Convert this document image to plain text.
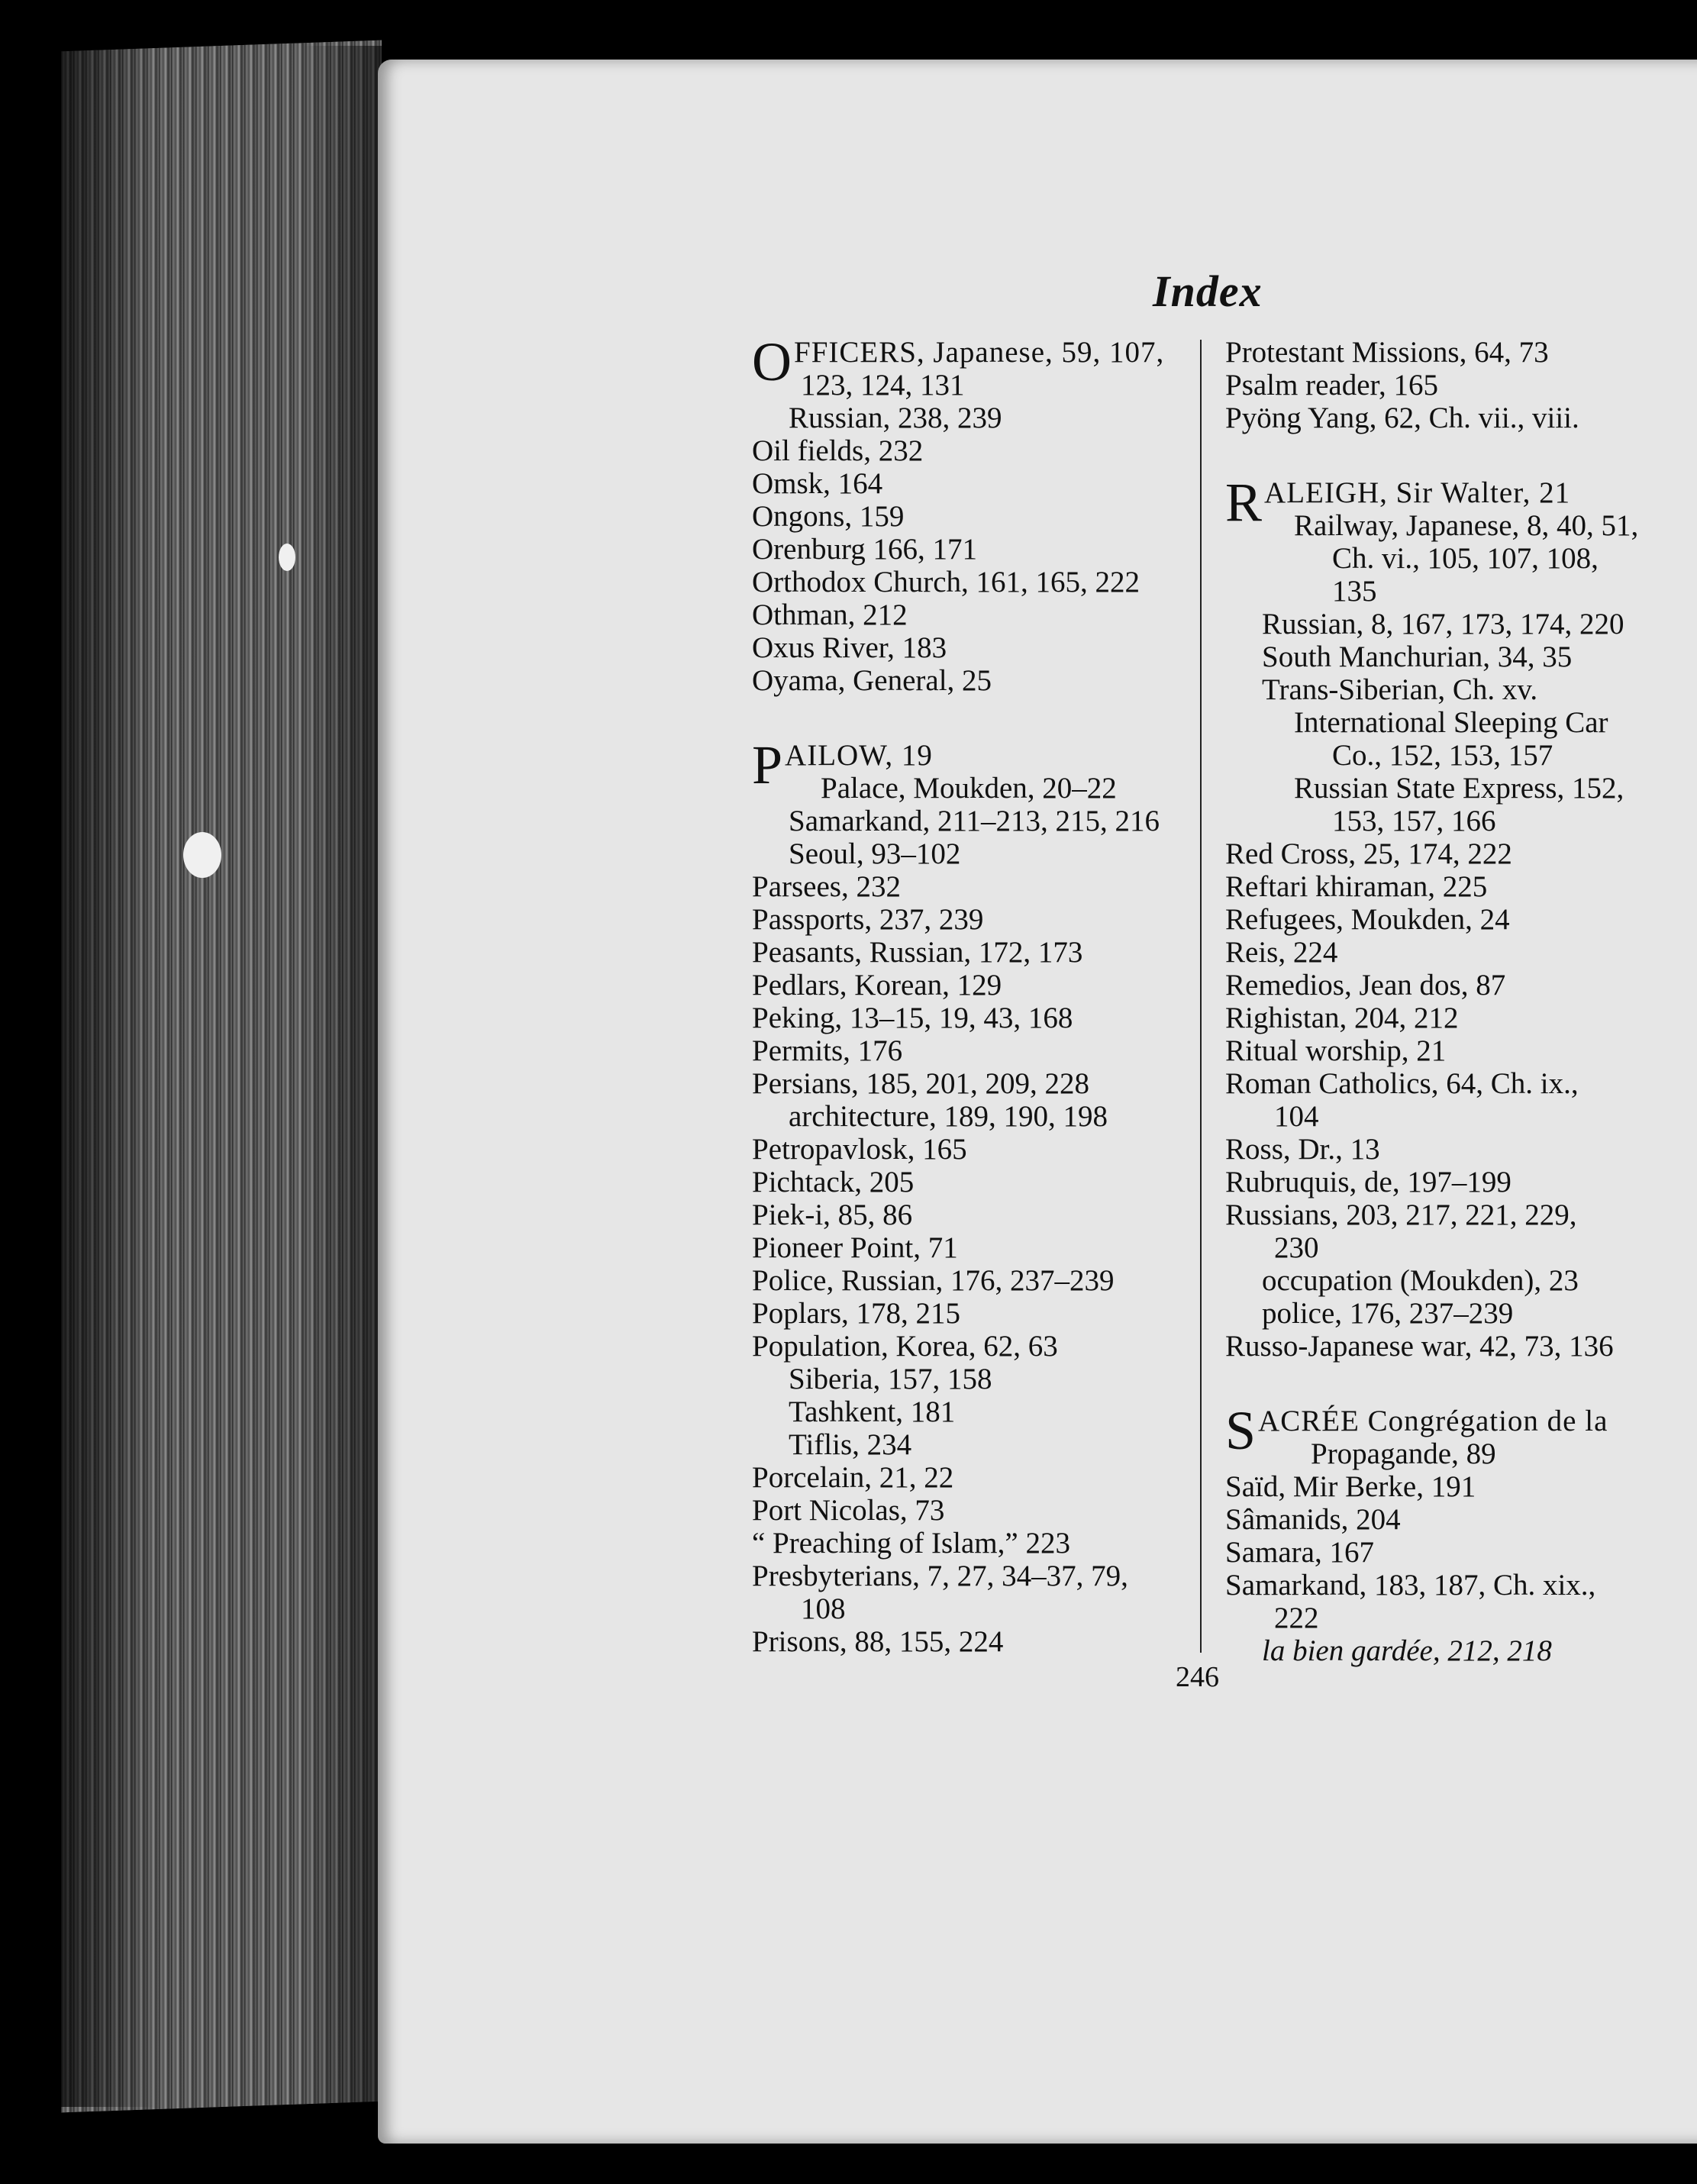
Index
OFFICERS, Japanese, 59, 107,
123, 124, 131
Russian, 238, 239
Oil fields, 232
Omsk, 164
Ongons, 159
Orenburg 166, 171
Orthodox Church, 161, 165, 222
Othman, 212
Oxus River, 183
Oyama, General, 25
PAILOW, 19
Palace, Moukden, 20–22
Samarkand, 211–213, 215, 216
Seoul, 93–102
Parsees, 232
Passports, 237, 239
Peasants, Russian, 172, 173
Pedlars, Korean, 129
Peking, 13–15, 19, 43, 168
Permits, 176
Persians, 185, 201, 209, 228
architecture, 189, 190, 198
Petropavlosk, 165
Pichtack, 205
Piek-i, 85, 86
Pioneer Point, 71
Police, Russian, 176, 237–239
Poplars, 178, 215
Population, Korea, 62, 63
Siberia, 157, 158
Tashkent, 181
Tiflis, 234
Porcelain, 21, 22
Port Nicolas, 73
“ Preaching of Islam,” 223
Presbyterians, 7, 27, 34–37, 79,
108
Prisons, 88, 155, 224
Protestant Missions, 64, 73
Psalm reader, 165
Pyöng Yang, 62, Ch. vii., viii.
RALEIGH, Sir Walter, 21
Railway, Japanese, 8, 40, 51,
Ch. vi., 105, 107, 108,
135
Russian, 8, 167, 173, 174, 220
South Manchurian, 34, 35
Trans-Siberian, Ch. xv.
International Sleeping Car
Co., 152, 153, 157
Russian State Express, 152,
153, 157, 166
Red Cross, 25, 174, 222
Reftari khiraman, 225
Refugees, Moukden, 24
Reis, 224
Remedios, Jean dos, 87
Righistan, 204, 212
Ritual worship, 21
Roman Catholics, 64, Ch. ix.,
104
Ross, Dr., 13
Rubruquis, de, 197–199
Russians, 203, 217, 221, 229,
230
occupation (Moukden), 23
police, 176, 237–239
Russo-Japanese war, 42, 73, 136
SACRÉE Congrégation de la
Propagande, 89
Saïd, Mir Berke, 191
Sâmanids, 204
Samara, 167
Samarkand, 183, 187, Ch. xix.,
222
la bien gardée, 212, 218
246
